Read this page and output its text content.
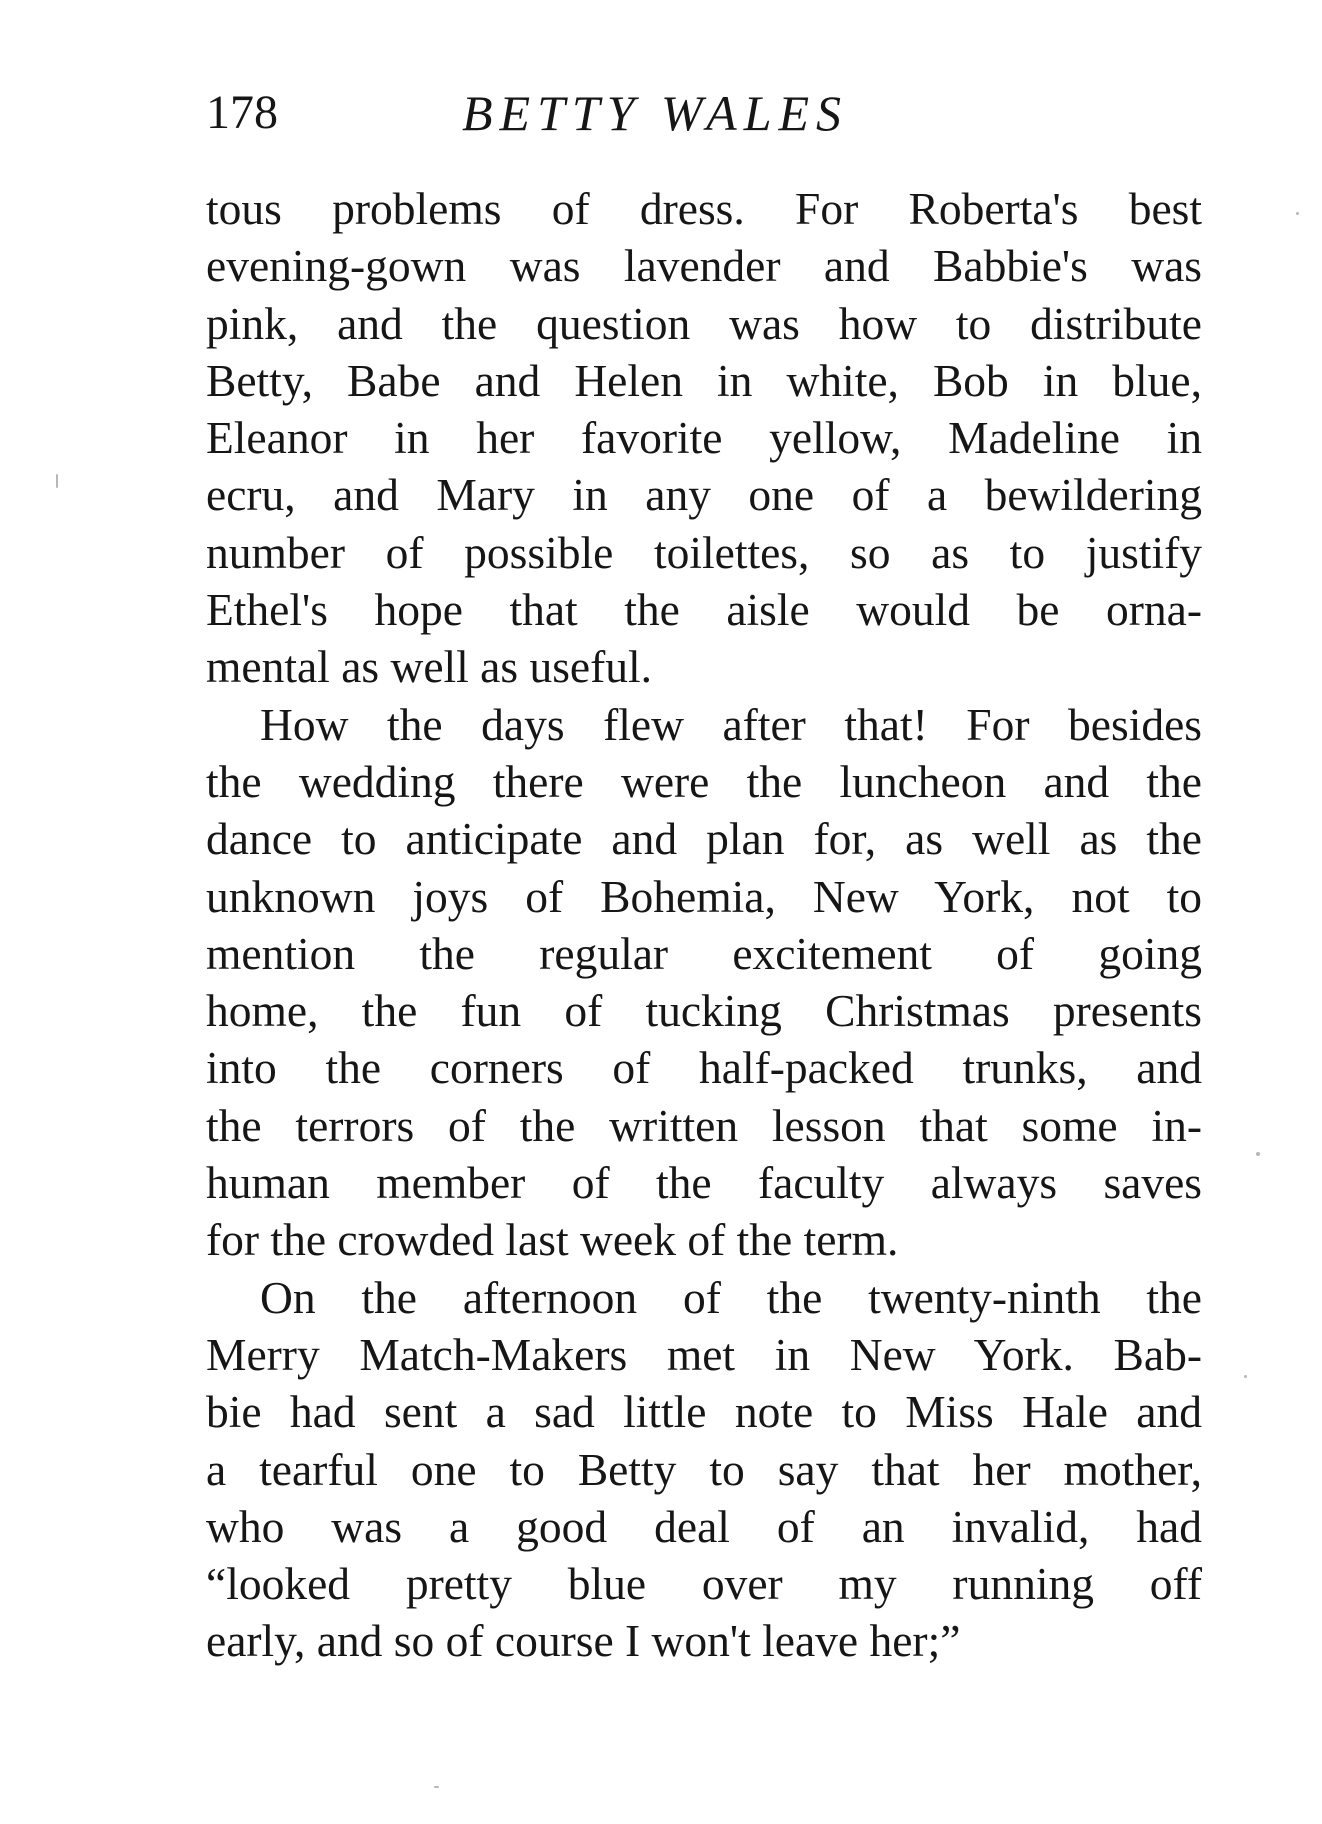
178	BETTY WALES
tous problems of dress. For Roberta's best
evening-gown was lavender and Babbie's was
pink, and the question was how to distribute
Betty, Babe and Helen in white, Bob in blue,
Eleanor in her favorite yellow, Madeline in
ecru, and Mary in any one of a bewildering
number of possible toilettes, so as to justify
Ethel's hope that the aisle would be orna-
mental as well as useful.
How the days flew after that! For besides
the wedding there were the luncheon and the
dance to anticipate and plan for, as well as the
unknown joys of Bohemia, New York, not to
mention the regular excitement of going
home, the fun of tucking Christmas presents
into the corners of half-packed trunks, and
the terrors of the written lesson that some in-
human member of the faculty always saves
for the crowded last week of the term.
On the afternoon of the twenty-ninth the
Merry Match-Makers met in New York. Bab-
bie had sent a sad little note to Miss Hale and
a tearful one to Betty to say that her mother,
who was a good deal of an invalid, had
“looked pretty blue over my running off
early, and so of course I won't leave her;”
